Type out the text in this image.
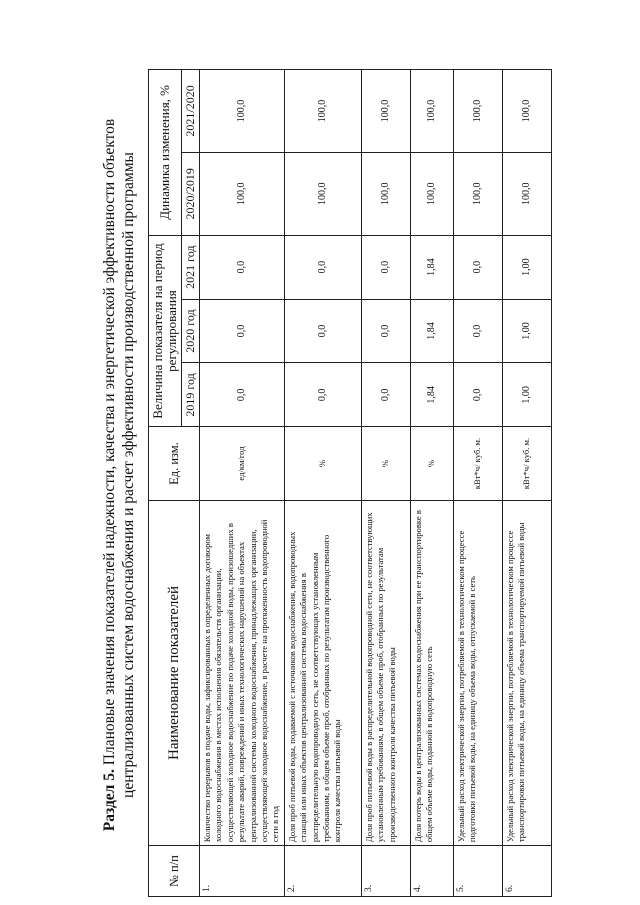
Раздел 5. Плановые значения показателей надежности, качества и энергетической эффективности объектов централизованных систем водоснабжения и расчет эффективности производственной программы
№ п/п	Наименование показателей	Ед. изм.	Величина показателя на период регулирования			Динамика изменения, %	
			2019 год	2020 год	2021 год	2020/2019	2021/2020
1.	Количество перерывов в подаче воды, зафиксированных в определенных договором холодного водоснабжения в местах исполнения обязательств организации, осуществляющей холодное водоснабжение по подаче холодной воды, произошедших в результате аварий, повреждений и иных технологических нарушений на объектах централизованной системы холодного водоснабжения, принадлежащих организации, осуществляющей холодное водоснабжение, в расчете на протяженность водопроводной сети в год	ед/км/год	0,0	0,0	0,0	100,0	100,0
2.	Доля проб питьевой воды, подаваемой с источников водоснабжения, водопроводных станций или иных объектов централизованной системы водоснабжения в распределительную водопроводную сеть, не соответствующих установленным требованиям, в общем объеме проб, отобранных по результатам производственного контроля качества питьевой воды	%	0,0	0,0	0,0	100,0	100,0
3.	Доля проб питьевой воды в распределительной водопроводной сети, не соответствующих установленным требованиям, в общем объеме проб, отобранных по результатам производственного контроля качества питьевой воды	%	0,0	0,0	0,0	100,0	100,0
4.	Доля потерь воды в централизованных системах водоснабжения при ее транспортировке в общем объеме воды, поданной в водопроводную сеть	%	1,84	1,84	1,84	100,0	100,0
5.	Удельный расход электрической энергии, потребляемой в технологическом процессе подготовки питьевой воды, на единицу объема воды, отпускаемой в сеть	кВт*ч/ куб. м.	0,0	0,0	0,0	100,0	100,0
6.	Удельный расход электрической энергии, потребляемой в технологическом процессе транспортировки питьевой воды, на единицу объема транспортируемой питьевой воды	кВт*ч/ куб. м.	1,00	1,00	1,00	100,0	100,0
